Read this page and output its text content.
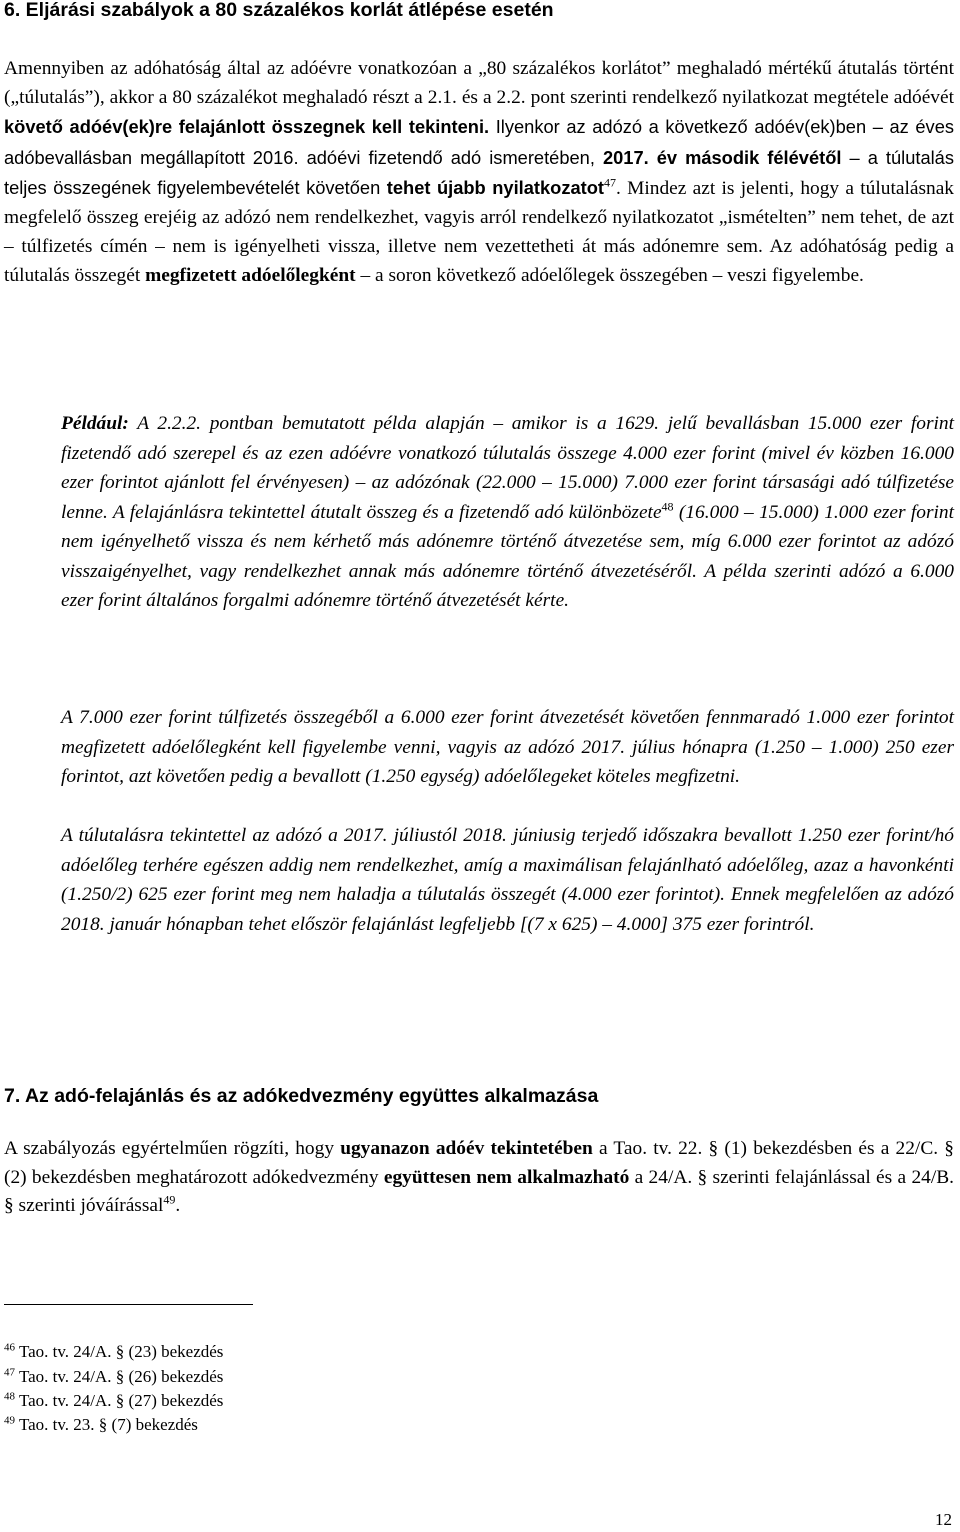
6. Eljárási szabályok a 80 százalékos korlát átlépése esetén
Amennyiben az adóhatóság által az adóévre vonatkozóan a „80 százalékos korlátot” meghaladó mértékű átutalás történt („túlutalás”), akkor a 80 százalékot meghaladó részt a 2.1. és a 2.2. pont szerinti rendelkező nyilatkozat megtétele adóévét követő adóév(ek)re felajánlott összegnek kell tekinteni. Ilyenkor az adózó a következő adóév(ek)ben – az éves adóbevallásban megállapított 2016. adóévi fizetendő adó ismeretében, 2017. év második félévétől – a túlutalás teljes összegének figyelembevételét követően tehet újabb nyilatkozatot$^{47}$. Mindez azt is jelenti, hogy a túlutalásnak megfelelő összeg erejéig az adózó nem rendelkezhet, vagyis arról rendelkező nyilatkozatot „ismételten” nem tehet, de azt – túlfizetés címén – nem is igényelheti vissza, illetve nem vezettetheti át más adónemre sem. Az adóhatóság pedig a túlutalás összegét megfizetett adóelőlegként – a soron következő adóelőlegek összegében – veszi figyelembe.
Például: A 2.2.2. pontban bemutatott példa alapján – amikor is a 1629. jelű bevallásban 15.000 ezer forint fizetendő adó szerepel és az ezen adóévre vonatkozó túlutalás összege 4.000 ezer forint (mivel év közben 16.000 ezer forintot ajánlott fel érvényesen) – az adózónak (22.000 – 15.000) 7.000 ezer forint társasági adó túlfizetése lenne. A felajánlásra tekintettel átutalt összeg és a fizetendő adó különbözete$^{48}$ (16.000 – 15.000) 1.000 ezer forint nem igényelhető vissza és nem kérhető más adónemre történő átvezetése sem, míg 6.000 ezer forintot az adózó visszaigényelhet, vagy rendelkezhet annak más adónemre történő átvezetéséről. A példa szerinti adózó a 6.000 ezer forint általános forgalmi adónemre történő átvezetését kérte.
A 7.000 ezer forint túlfizetés összegéből a 6.000 ezer forint átvezetését követően fennmaradó 1.000 ezer forintot megfizetett adóelőlegként kell figyelembe venni, vagyis az adózó 2017. július hónapra (1.250 – 1.000) 250 ezer forintot, azt követően pedig a bevallott (1.250 egység) adóelőlegeket köteles megfizetni.
A túlutalásra tekintettel az adózó a 2017. júliustól 2018. júniusig terjedő időszakra bevallott 1.250 ezer forint/hó adóelőleg terhére egészen addig nem rendelkezhet, amíg a maximálisan felajánlható adóelőleg, azaz a havonkénti (1.250/2) 625 ezer forint meg nem haladja a túlutalás összegét (4.000 ezer forintot). Ennek megfelelően az adózó 2018. január hónapban tehet először felajánlást legfeljebb [(7 x 625) – 4.000] 375 ezer forintról.
7. Az adó-felajánlás és az adókedvezmény együttes alkalmazása
A szabályozás egyértelműen rögzíti, hogy ugyanazon adóév tekintetében a Tao. tv. 22. § (1) bekezdésben és a 22/C. § (2) bekezdésben meghatározott adókedvezmény együttesen nem alkalmazható a 24/A. § szerinti felajánlással és a 24/B. § szerinti jóváírással$^{49}$.
$^{46}$ Tao. tv. 24/A. § (23) bekezdés
$^{47}$ Tao. tv. 24/A. § (26) bekezdés
$^{48}$ Tao. tv. 24/A. § (27) bekezdés
$^{49}$ Tao. tv. 23. § (7) bekezdés
12
